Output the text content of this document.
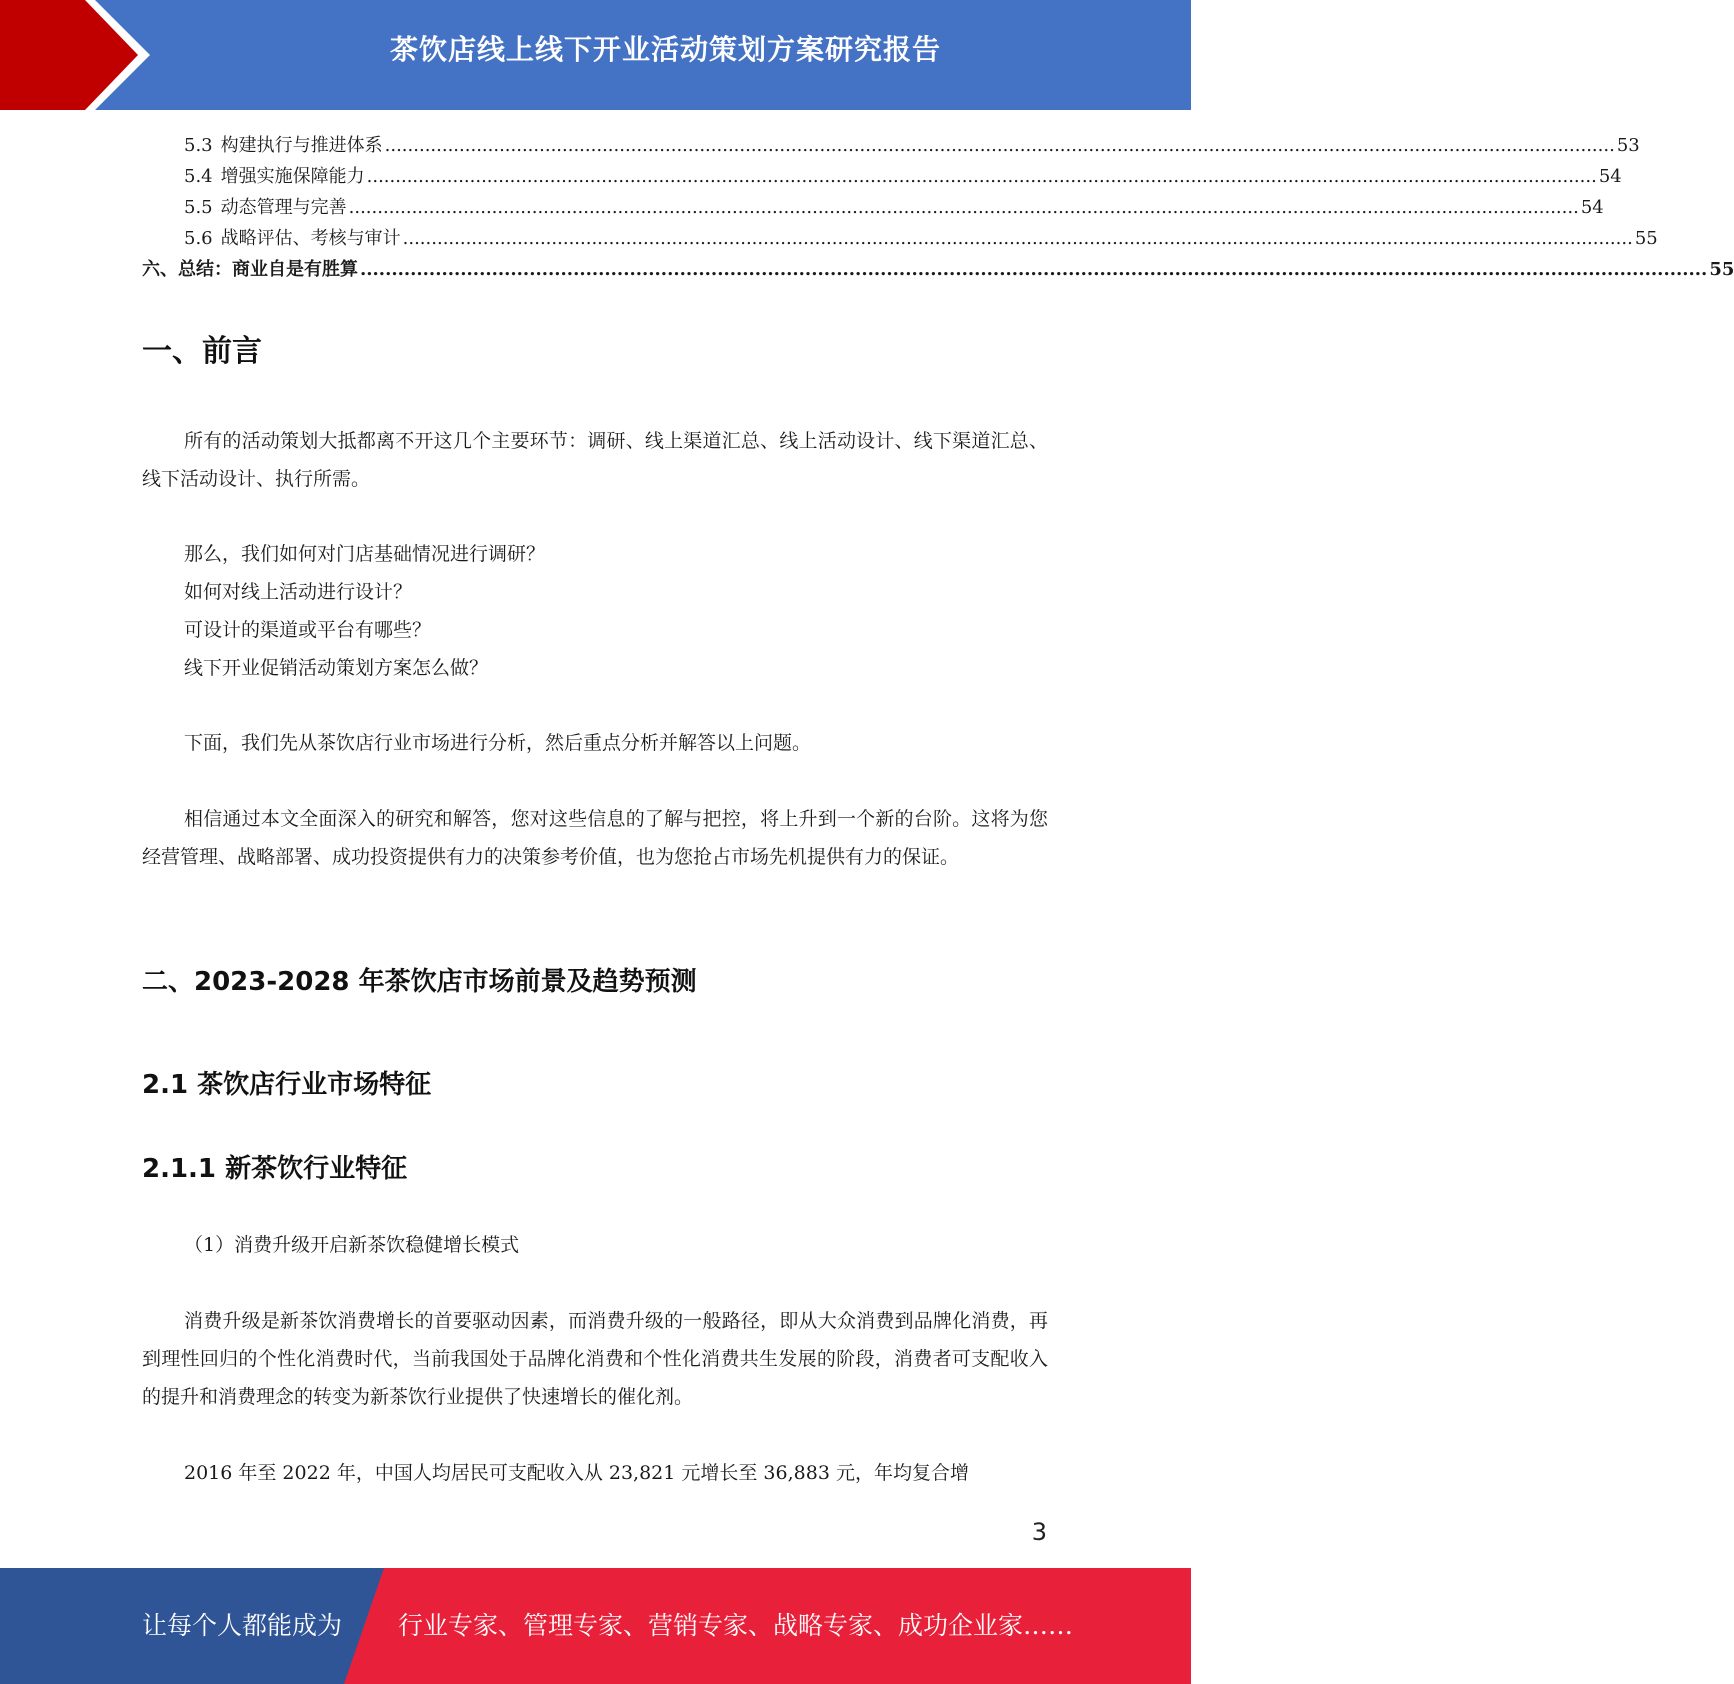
茶饮店线上线下开业活动策划方案研究报告
5.3 构建执行与推进体系 ....................................................................................................................................................................................................................... 53
5.4 增强实施保障能力 ....................................................................................................................................................................................................................... 54
5.5 动态管理与完善 ....................................................................................................................................................................................................................... 54
5.6 战略评估、考核与审计 ....................................................................................................................................................................................................................... 55
六、总结：商业自是有胜算 ....................................................................................................................................................................................................................... 55
一、前言

所有的活动策划大抵都离不开这几个主要环节：调研、线上渠道汇总、线上活动设计、线下渠道汇总、线下活动设计、执行所需。

那么，我们如何对门店基础情况进行调研？

如何对线上活动进行设计？

可设计的渠道或平台有哪些？

线下开业促销活动策划方案怎么做？

下面，我们先从茶饮店行业市场进行分析，然后重点分析并解答以上问题。

相信通过本文全面深入的研究和解答，您对这些信息的了解与把控，将上升到一个新的台阶。这将为您经营管理、战略部署、成功投资提供有力的决策参考价值，也为您抢占市场先机提供有力的保证。

二、2023-2028 年茶饮店市场前景及趋势预测
2.1 茶饮店行业市场特征
2.1.1 新茶饮行业特征

（1）消费升级开启新茶饮稳健增长模式

消费升级是新茶饮消费增长的首要驱动因素，而消费升级的一般路径，即从大众消费到品牌化消费，再到理性回归的个性化消费时代，当前我国处于品牌化消费和个性化消费共生发展的阶段，消费者可支配收入的提升和消费理念的转变为新茶饮行业提供了快速增长的催化剂。

2016 年至 2022 年，中国人均居民可支配收入从 23,821 元增长至 36,883 元，年均复合增

3
让每个人都能成为 行业专家、管理专家、营销专家、战略专家、成功企业家……
